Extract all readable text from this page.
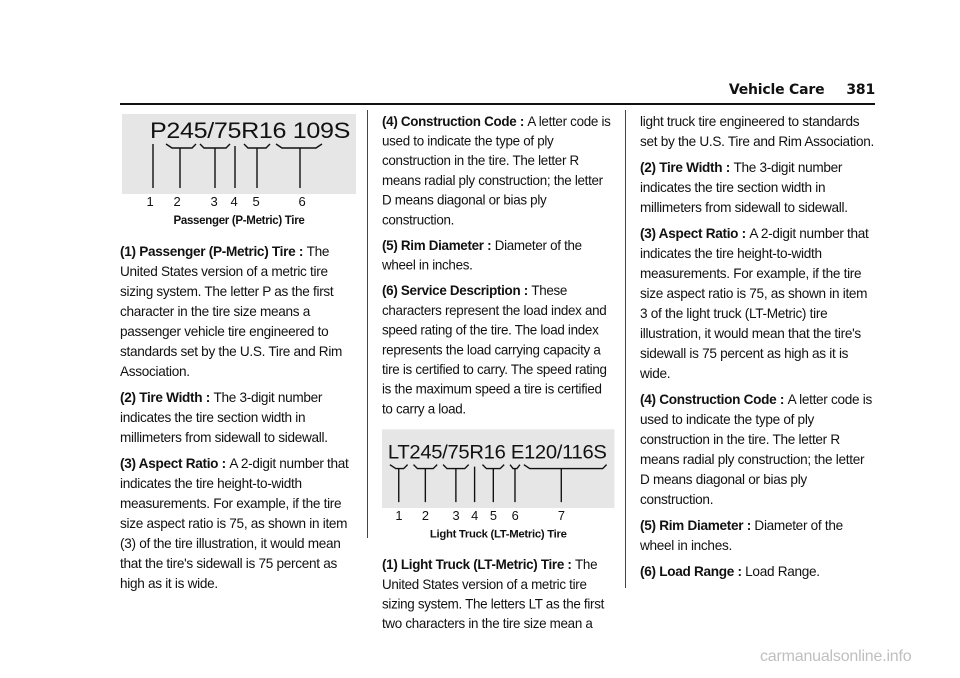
Vehicle Care 381
P245/75R16 109S
1 2 3 4 5	6
Passenger (P-Metric) Tire

(1) Passenger (P-Metric) Tire : The United States version of a metric tire sizing system. The letter P as the first character in the tire size means a passenger vehicle tire engineered to standards set by the U.S. Tire and Rim Association.

(2) Tire Width : The 3-digit number indicates the tire section width in millimeters from sidewall to sidewall.

(3) Aspect Ratio : A 2-digit number that indicates the tire height-to-width measurements. For example, if the tire size aspect ratio is 75, as shown in item (3) of the tire illustration, it would mean that the tire's sidewall is 75 percent as high as it is wide.

(4) Construction Code : A letter code is used to indicate the type of ply construction in the tire. The letter R means radial ply construction; the letter D means diagonal or bias ply construction.

(5) Rim Diameter : Diameter of the wheel in inches.

(6) Service Description : These characters represent the load index and speed rating of the tire. The load index represents the load carrying capacity a tire is certified to carry. The speed rating is the maximum speed a tire is certified to carry a load.

LT245/75R16 E120/116S
1 2 3 4 5 6	7
Light Truck (LT-Metric) Tire

(1) Light Truck (LT-Metric) Tire : The United States version of a metric tire sizing system. The letters LT as the first two characters in the tire size mean a

light truck tire engineered to standards set by the U.S. Tire and Rim Association.

(2) Tire Width : The 3-digit number indicates the tire section width in millimeters from sidewall to sidewall.

(3) Aspect Ratio : A 2-digit number that indicates the tire height-to-width measurements. For example, if the tire size aspect ratio is 75, as shown in item 3 of the light truck (LT-Metric) tire illustration, it would mean that the tire's sidewall is 75 percent as high as it is wide.

(4) Construction Code : A letter code is used to indicate the type of ply construction in the tire. The letter R means radial ply construction; the letter D means diagonal or bias ply construction.

(5) Rim Diameter : Diameter of the wheel in inches.

(6) Load Range : Load Range.

carmanualsonline.info
